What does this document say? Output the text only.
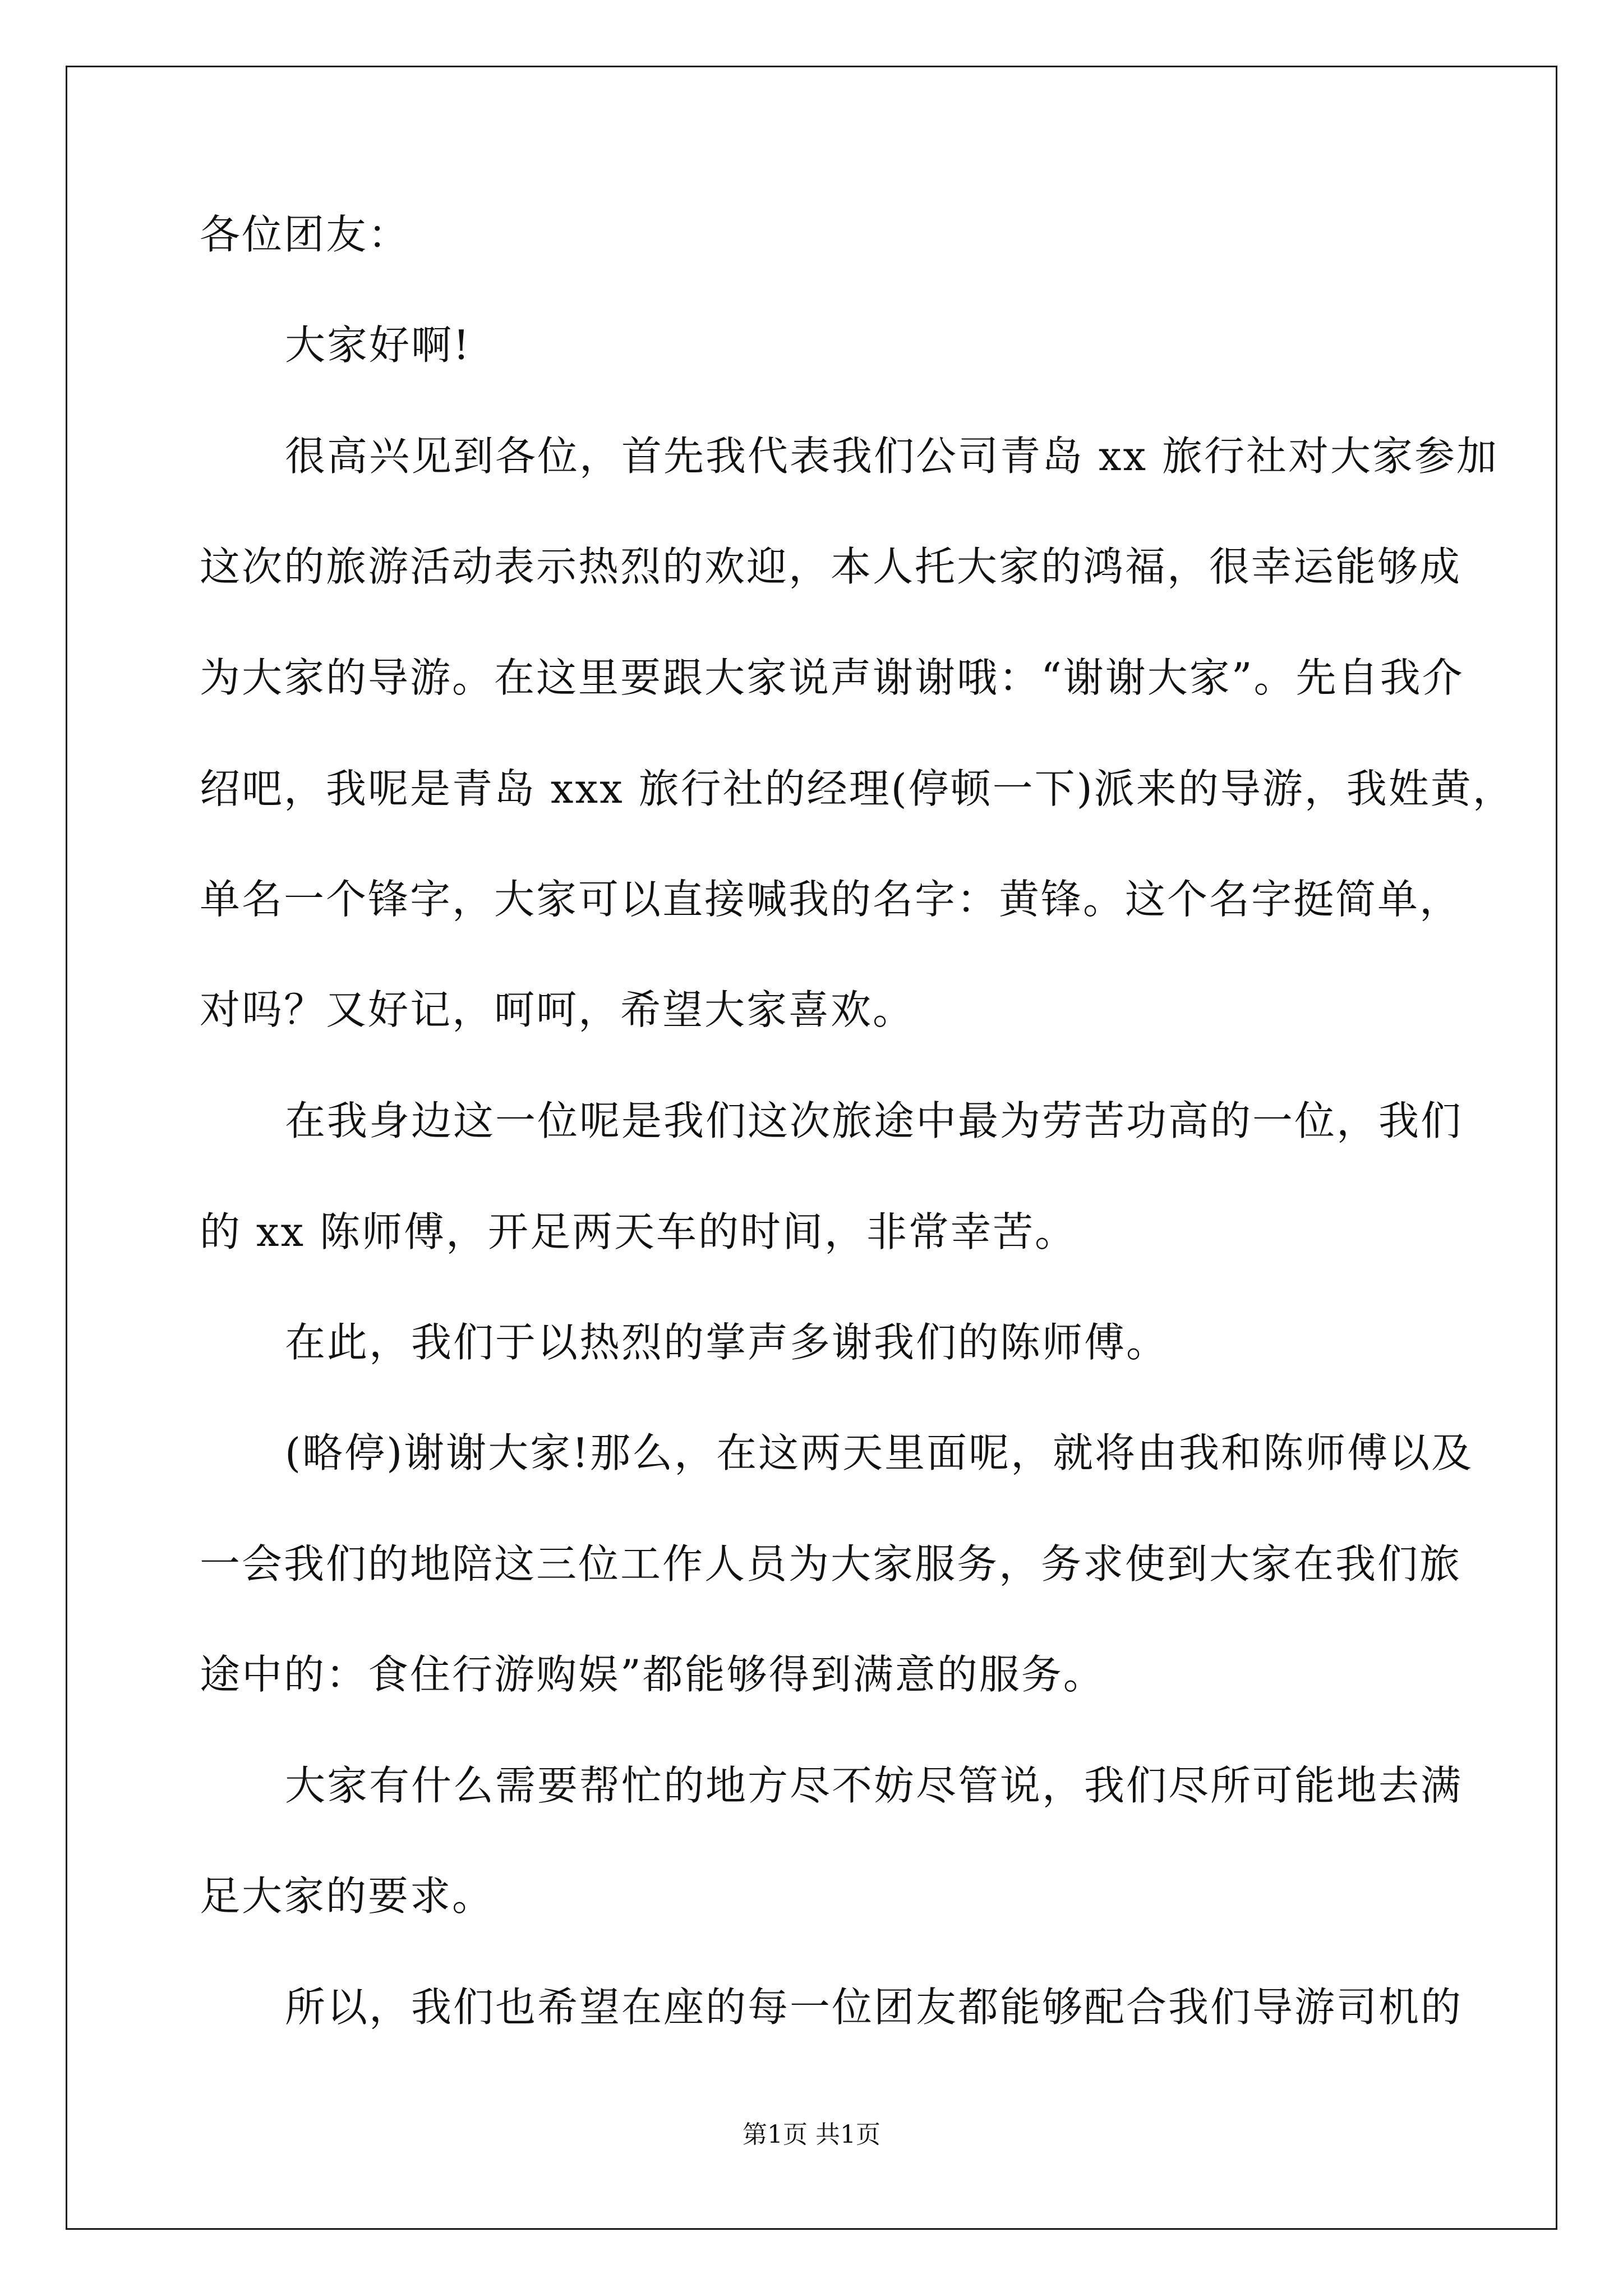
各位团友：
大家好啊!
很高兴见到各位，首先我代表我们公司青岛 xx 旅行社对大家参加
这次的旅游活动表示热烈的欢迎，本人托大家的鸿福，很幸运能够成
为大家的导游。在这里要跟大家说声谢谢哦：“谢谢大家”。先自我介
绍吧，我呢是青岛 xxx 旅行社的经理(停顿一下)派来的导游，我姓黄，
单名一个锋字，大家可以直接喊我的名字：黄锋。这个名字挺简单，
对吗？又好记，呵呵，希望大家喜欢。
在我身边这一位呢是我们这次旅途中最为劳苦功高的一位，我们
的 xx 陈师傅，开足两天车的时间，非常幸苦。
在此，我们于以热烈的掌声多谢我们的陈师傅。
(略停)谢谢大家!那么，在这两天里面呢，就将由我和陈师傅以及
一会我们的地陪这三位工作人员为大家服务，务求使到大家在我们旅
途中的：食住行游购娱”都能够得到满意的服务。
大家有什么需要帮忙的地方尽不妨尽管说，我们尽所可能地去满
足大家的要求。
所以，我们也希望在座的每一位团友都能够配合我们导游司机的
第1页 共1页
